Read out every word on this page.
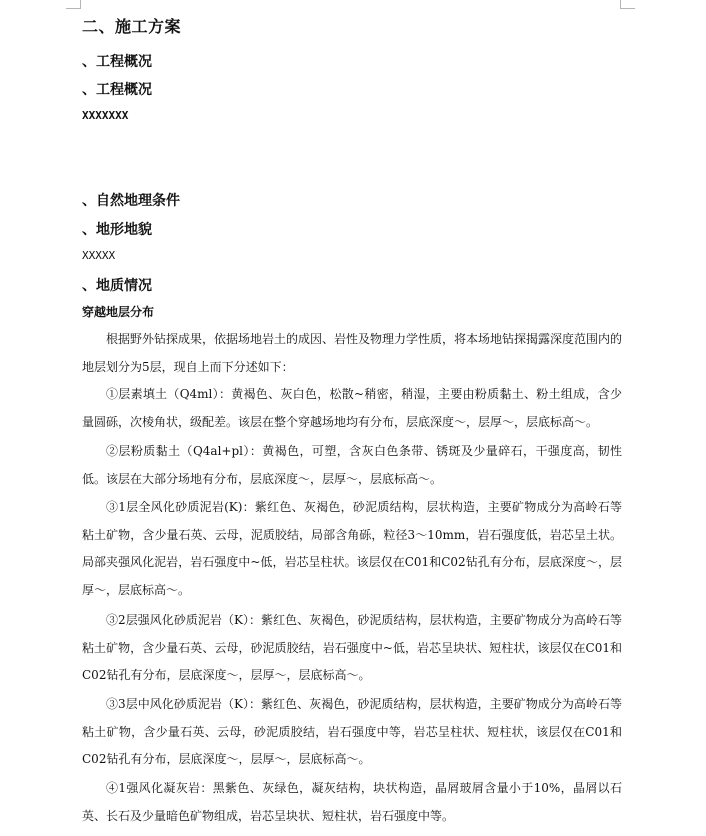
二、施工方案
、工程概况
、工程概况
XXXXXXX
、自然地理条件
、地形地貌
XXXXX
、地质情况
穿越地层分布
根据野外钻探成果，依据场地岩土的成因、岩性及物理力学性质，将本场地钻探揭露深度范围内的地层划分为5层，现自上而下分述如下：
①层素填土（Q4ml）：黄褐色、灰白色，松散~稍密，稍湿，主要由粉质黏土、粉土组成，含少量圆砾，次棱角状，级配差。该层在整个穿越场地均有分布，层底深度～，层厚～，层底标高～。
②层粉质黏土（Q4al+pl）：黄褐色，可塑，含灰白色条带、锈斑及少量碎石，干强度高，韧性低。该层在大部分场地有分布，层底深度～，层厚～，层底标高～。
③1层全风化砂质泥岩(K)：紫红色、灰褐色，砂泥质结构，层状构造，主要矿物成分为高岭石等粘土矿物，含少量石英、云母，泥质胶结，局部含角砾，粒径3～10mm，岩石强度低，岩芯呈土状。局部夹强风化泥岩，岩石强度中~低，岩芯呈柱状。该层仅在C01和C02钻孔有分布，层底深度～，层厚～，层底标高～。
③2层强风化砂质泥岩（K）：紫红色、灰褐色，砂泥质结构，层状构造，主要矿物成分为高岭石等粘土矿物，含少量石英、云母，砂泥质胶结，岩石强度中~低，岩芯呈块状、短柱状，该层仅在C01和C02钻孔有分布，层底深度～，层厚～，层底标高～。
③3层中风化砂质泥岩（K）：紫红色、灰褐色，砂泥质结构，层状构造，主要矿物成分为高岭石等粘土矿物，含少量石英、云母，砂泥质胶结，岩石强度中等，岩芯呈柱状、短柱状，该层仅在C01和C02钻孔有分布，层底深度～，层厚～，层底标高～。
④1强风化凝灰岩：黑紫色、灰绿色，凝灰结构，块状构造，晶屑玻屑含量小于10%，晶屑以石英、长石及少量暗色矿物组成，岩芯呈块状、短柱状，岩石强度中等。
